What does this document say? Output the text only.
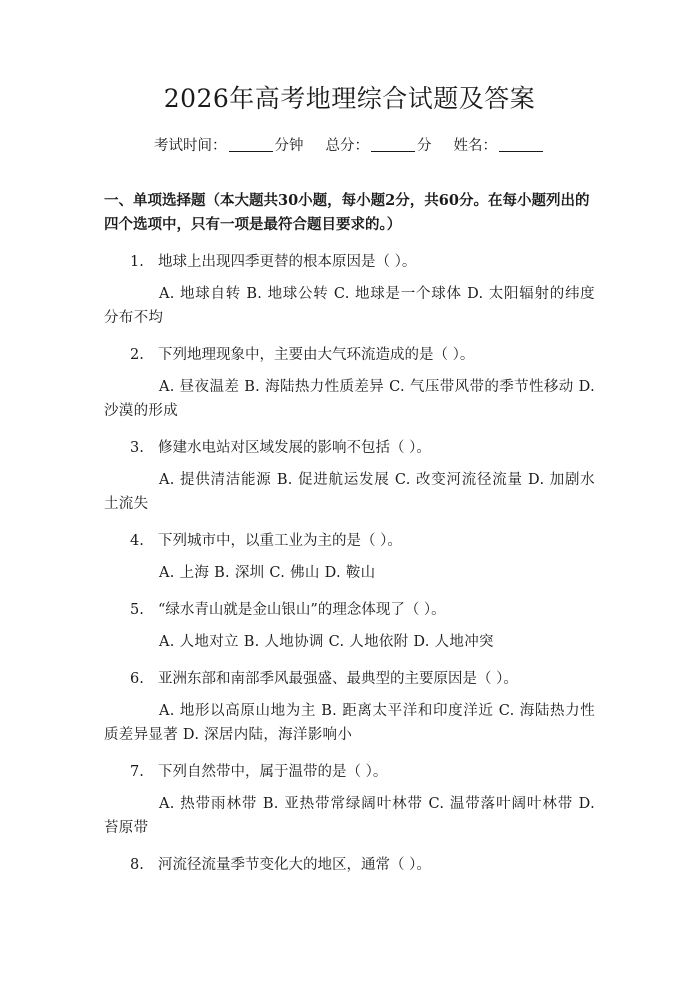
2026年高考地理综合试题及答案
考试时间：	分钟 总分：	分 姓名：
一、单项选择题（本大题共30小题，每小题2分，共60分。在每小题列出的四个选项中，只有一项是最符合题目要求的。）
1. 地球上出现四季更替的根本原因是（ ）。
A. 地球自转 B. 地球公转 C. 地球是一个球体 D. 太阳辐射的纬度分布不均
2. 下列地理现象中，主要由大气环流造成的是（ ）。
A. 昼夜温差 B. 海陆热力性质差异 C. 气压带风带的季节性移动 D. 沙漠的形成
3. 修建水电站对区域发展的影响不包括（ ）。
A. 提供清洁能源 B. 促进航运发展 C. 改变河流径流量 D. 加剧水土流失
4. 下列城市中，以重工业为主的是（ ）。
A. 上海 B. 深圳 C. 佛山 D. 鞍山
5. “绿水青山就是金山银山”的理念体现了（ ）。
A. 人地对立 B. 人地协调 C. 人地依附 D. 人地冲突
6. 亚洲东部和南部季风最强盛、最典型的主要原因是（ ）。
A. 地形以高原山地为主 B. 距离太平洋和印度洋近 C. 海陆热力性质差异显著 D. 深居内陆，海洋影响小
7. 下列自然带中，属于温带的是（ ）。
A. 热带雨林带 B. 亚热带常绿阔叶林带 C. 温带落叶阔叶林带 D. 苔原带
8. 河流径流量季节变化大的地区，通常（ ）。
